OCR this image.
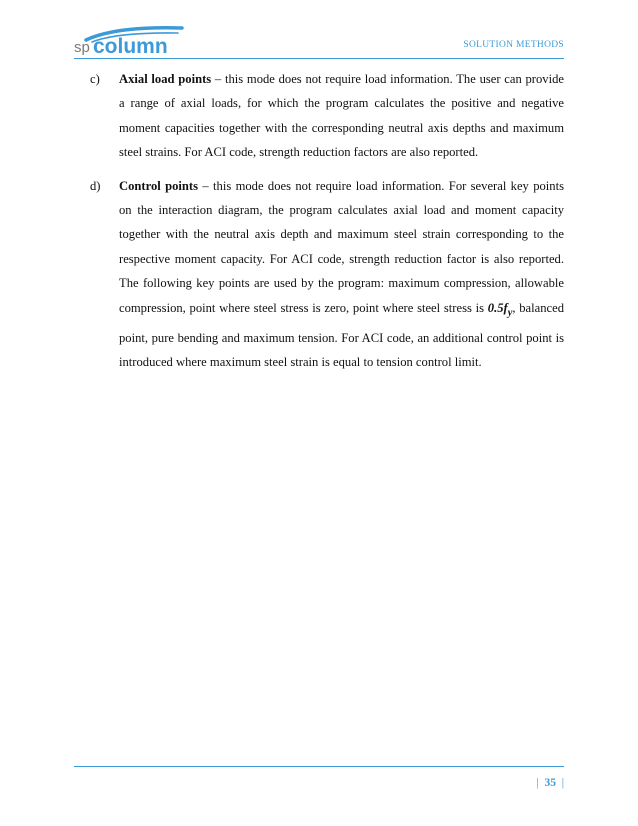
sp column	SOLUTION METHODS
c) Axial load points – this mode does not require load information. The user can provide a range of axial loads, for which the program calculates the positive and negative moment capacities together with the corresponding neutral axis depths and maximum steel strains. For ACI code, strength reduction factors are also reported.
d) Control points – this mode does not require load information. For several key points on the interaction diagram, the program calculates axial load and moment capacity together with the neutral axis depth and maximum steel strain corresponding to the respective moment capacity. For ACI code, strength reduction factor is also reported. The following key points are used by the program: maximum compression, allowable compression, point where steel stress is zero, point where steel stress is $0.5f_y$, balanced point, pure bending and maximum tension. For ACI code, an additional control point is introduced where maximum steel strain is equal to tension control limit.
| 35 |
